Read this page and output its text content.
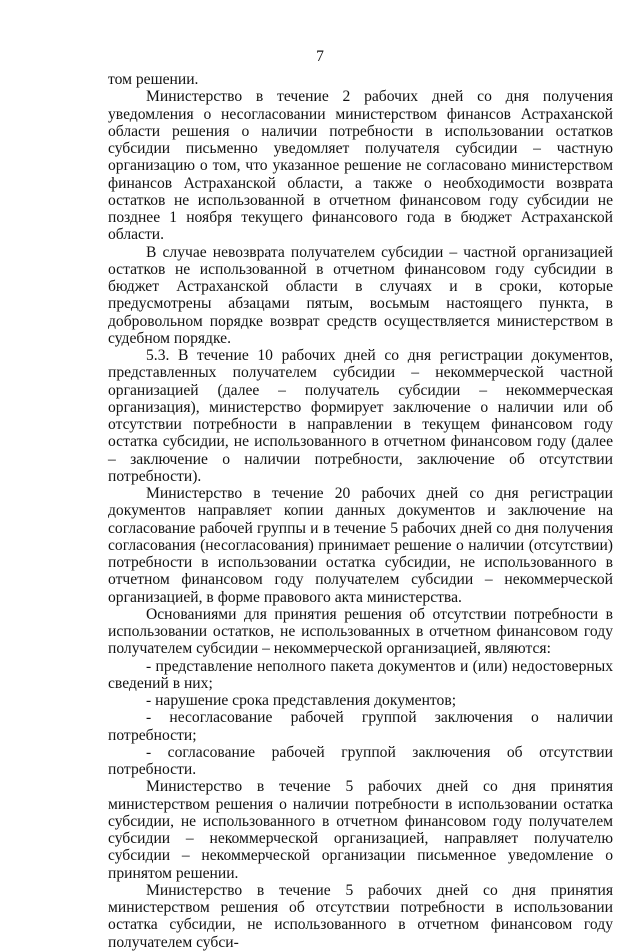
7

том решении.

Министерство в течение 2 рабочих дней со дня получения уведомления о несогласовании министерством финансов Астраханской области решения о наличии потребности в использовании остатков субсидии письменно уведомляет получателя субсидии – частную организацию о том, что указанное решение не согласовано министерством финансов Астраханской области, а также о необходимости возврата остатков не использованной в отчетном финансовом году субсидии не позднее 1 ноября текущего финансового года в бюджет Астраханской области.

В случае невозврата получателем субсидии – частной организацией остатков не использованной в отчетном финансовом году субсидии в бюджет Астраханской области в случаях и в сроки, которые предусмотрены абзацами пятым, восьмым настоящего пункта, в добровольном порядке возврат средств осуществляется министерством в судебном порядке.

5.3. В течение 10 рабочих дней со дня регистрации документов, представленных получателем субсидии – некоммерческой частной организацией (далее – получатель субсидии – некоммерческая организация), министерство формирует заключение о наличии или об отсутствии потребности в направлении в текущем финансовом году остатка субсидии, не использованного в отчетном финансовом году (далее – заключение о наличии потребности, заключение об отсутствии потребности).

Министерство в течение 20 рабочих дней со дня регистрации документов направляет копии данных документов и заключение на согласование рабочей группы и в течение 5 рабочих дней со дня получения согласования (несогласования) принимает решение о наличии (отсутствии) потребности в использовании остатка субсидии, не использованного в отчетном финансовом году получателем субсидии – некоммерческой организацией, в форме правового акта министерства.

Основаниями для принятия решения об отсутствии потребности в использовании остатков, не использованных в отчетном финансовом году получателем субсидии – некоммерческой организацией, являются:

- представление неполного пакета документов и (или) недостоверных сведений в них;

- нарушение срока представления документов;

- несогласование рабочей группой заключения о наличии потребности;

- согласование рабочей группой заключения об отсутствии потребности.

Министерство в течение 5 рабочих дней со дня принятия министерством решения о наличии потребности в использовании остатка субсидии, не использованного в отчетном финансовом году получателем субсидии – некоммерческой организацией, направляет получателю субсидии – некоммерческой организации письменное уведомление о принятом решении.

Министерство в течение 5 рабочих дней со дня принятия министерством решения об отсутствии потребности в использовании остатка субсидии, не использованного в отчетном финансовом году получателем субси-
